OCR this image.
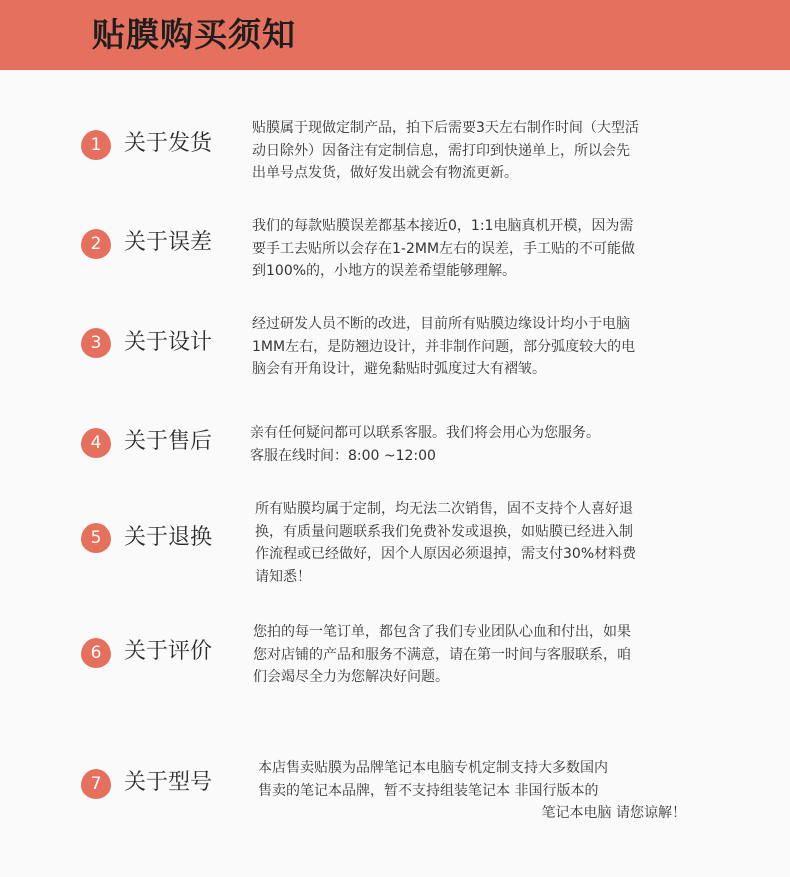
贴膜购买须知
1	关于发货
贴膜属于现做定制产品，拍下后需要3天左右制作时间（大型活
动日除外）因备注有定制信息，需打印到快递单上，所以会先
出单号点发货，做好发出就会有物流更新。
2	关于误差
我们的每款贴膜误差都基本接近0，1:1电脑真机开模，因为需
要手工去贴所以会存在1-2MM左右的误差，手工贴的不可能做
到100%的，小地方的误差希望能够理解。
3	关于设计
经过研发人员不断的改进，目前所有贴膜边缘设计均小于电脑
1MM左右，是防翘边设计，并非制作问题，部分弧度较大的电
脑会有开角设计，避免黏贴时弧度过大有褶皱。
4	关于售后	亲有任何疑问都可以联系客服。我们将会用心为您服务。
客服在线时间：8:00 ~12:00
5	关于退换
所有贴膜均属于定制，均无法二次销售，固不支持个人喜好退
换，有质量问题联系我们免费补发或退换，如贴膜已经进入制
作流程或已经做好，因个人原因必须退掉，需支付30%材料费
请知悉！
6	关于评价
您拍的每一笔订单，都包含了我们专业团队心血和付出，如果
您对店铺的产品和服务不满意，请在第一时间与客服联系，咱
们会竭尽全力为您解决好问题。
7	关于型号
本店售卖贴膜为品牌笔记本电脑专机定制支持大多数国内
售卖的笔记本品牌，暂不支持组装笔记本 非国行版本的
笔记本电脑 请您谅解！
